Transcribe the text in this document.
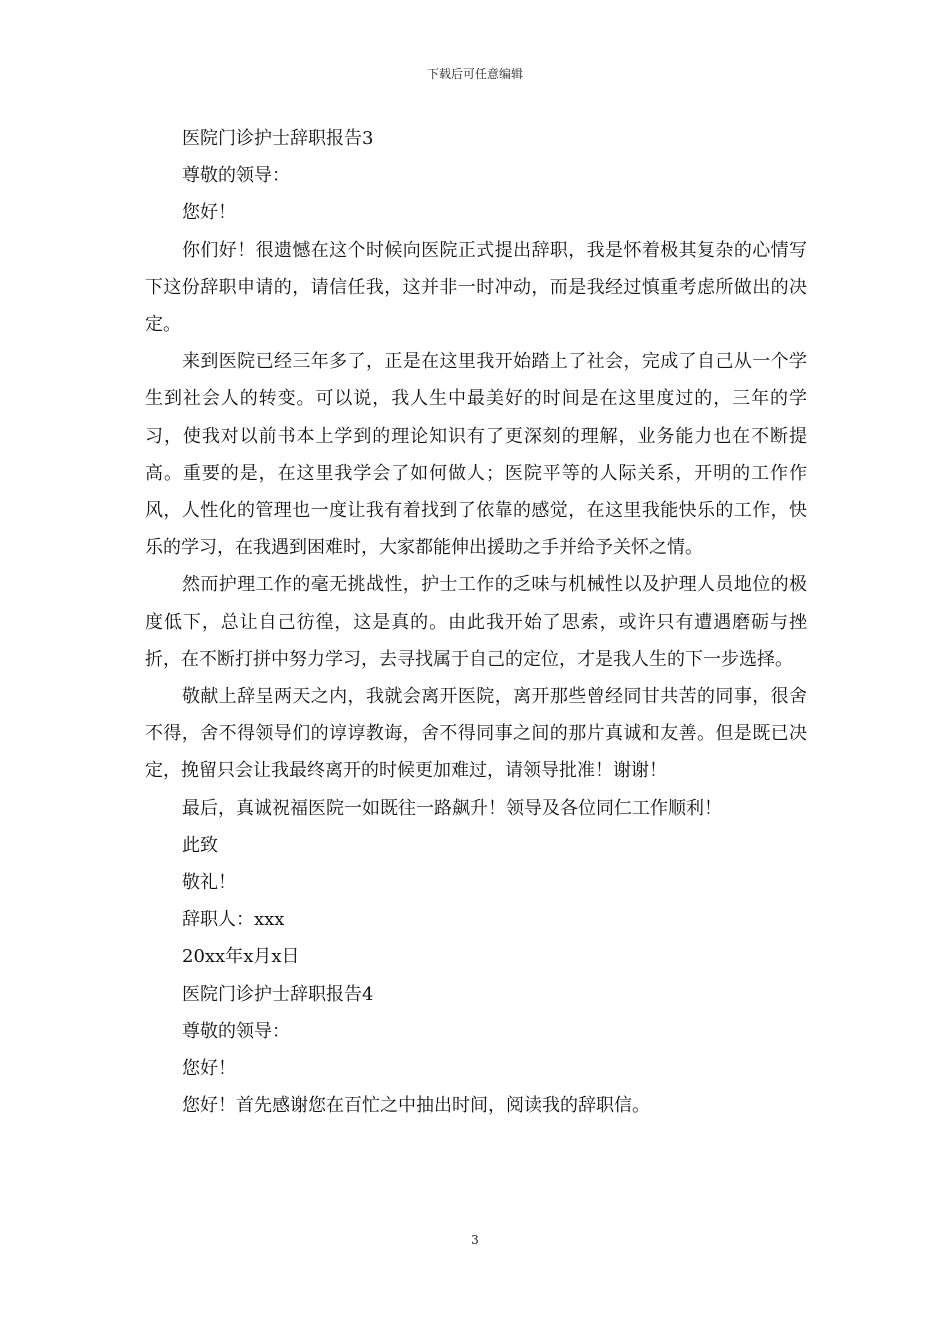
下载后可任意编辑

医院门诊护士辞职报告3

尊敬的领导：

您好！

你们好！很遗憾在这个时候向医院正式提出辞职，我是怀着极其复杂的心情写下这份辞职申请的，请信任我，这并非一时冲动，而是我经过慎重考虑所做出的决定。

来到医院已经三年多了，正是在这里我开始踏上了社会，完成了自己从一个学生到社会人的转变。可以说，我人生中最美好的时间是在这里度过的，三年的学习，使我对以前书本上学到的理论知识有了更深刻的理解，业务能力也在不断提高。重要的是，在这里我学会了如何做人；医院平等的人际关系，开明的工作作风，人性化的管理也一度让我有着找到了依靠的感觉，在这里我能快乐的工作，快乐的学习，在我遇到困难时，大家都能伸出援助之手并给予关怀之情。

然而护理工作的毫无挑战性，护士工作的乏味与机械性以及护理人员地位的极度低下，总让自己彷徨，这是真的。由此我开始了思索，或许只有遭遇磨砺与挫折，在不断打拼中努力学习，去寻找属于自己的定位，才是我人生的下一步选择。

敬献上辞呈两天之内，我就会离开医院，离开那些曾经同甘共苦的同事，很舍不得，舍不得领导们的谆谆教诲，舍不得同事之间的那片真诚和友善。但是既已决定，挽留只会让我最终离开的时候更加难过，请领导批准！谢谢！

最后，真诚祝福医院一如既往一路飙升！领导及各位同仁工作顺利！

此致

敬礼！

辞职人：xxx

20xx年x月x日

医院门诊护士辞职报告4

尊敬的领导：

您好！

您好！首先感谢您在百忙之中抽出时间，阅读我的辞职信。

3
